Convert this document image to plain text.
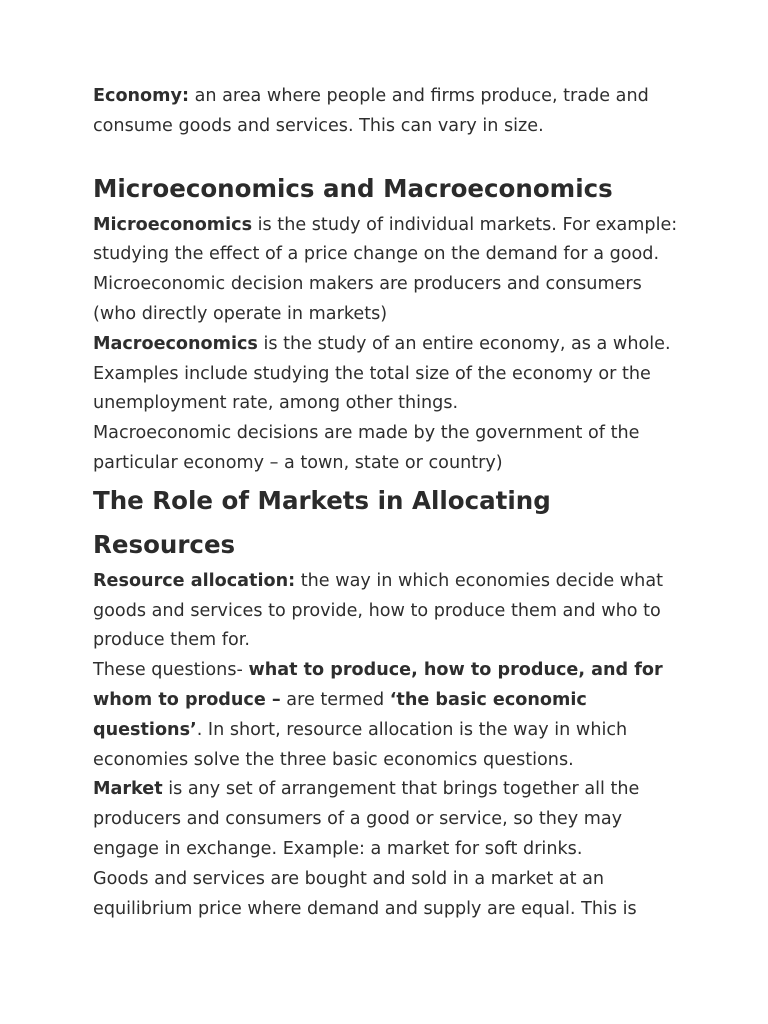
Economy: an area where people and firms produce, trade and consume goods and services. This can vary in size.

Microeconomics and Macroeconomics

Microeconomics is the study of individual markets. For example: studying the effect of a price change on the demand for a good. Microeconomic decision makers are producers and consumers (who directly operate in markets)

Macroeconomics is the study of an entire economy, as a whole. Examples include studying the total size of the economy or the unemployment rate, among other things.

Macroeconomic decisions are made by the government of the particular economy – a town, state or country)

The Role of Markets in Allocating Resources

Resource allocation: the way in which economies decide what goods and services to provide, how to produce them and who to produce them for.

These questions- what to produce, how to produce, and for whom to produce – are termed ‘the basic economic questions’. In short, resource allocation is the way in which economies solve the three basic economics questions.

Market is any set of arrangement that brings together all the producers and consumers of a good or service, so they may engage in exchange. Example: a market for soft drinks.

Goods and services are bought and sold in a market at an equilibrium price where demand and supply are equal. This is
